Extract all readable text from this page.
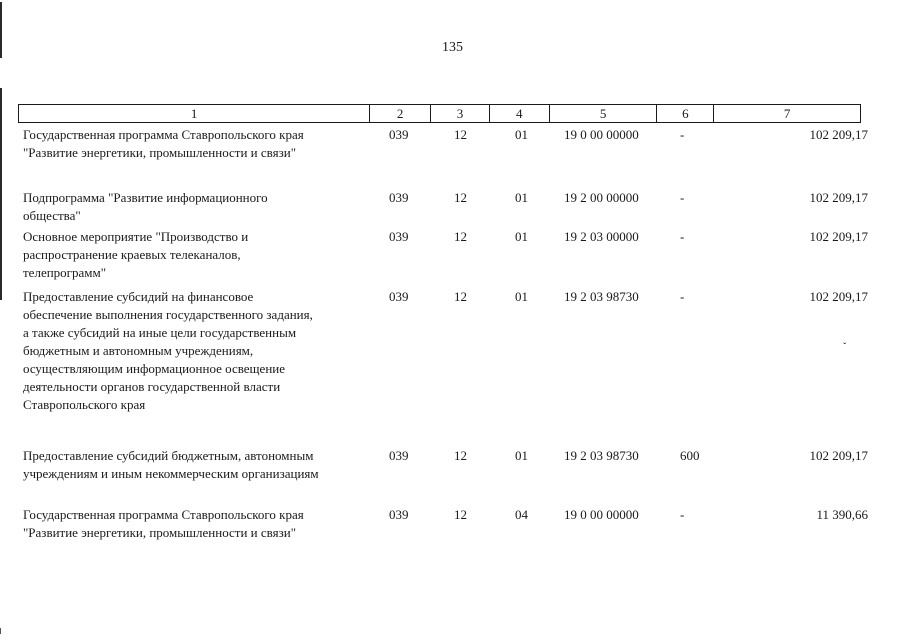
135
1	2	3	4	5	6	7
Государственная программа Ставропольского края
"Развитие энергетики, промышленности и связи"
039	12	01	19 0 00 00000	-	102 209,17
Подпрограмма "Развитие информационного
общества"
039	12	01	19 2 00 00000	-	102 209,17
Основное мероприятие "Производство и
распространение краевых телеканалов,
телепрограмм"
039	12	01	19 2 03 00000	-	102 209,17
Предоставление субсидий на финансовое
обеспечение выполнения государственного задания,
а также субсидий на иные цели государственным
бюджетным и автономным учреждениям,
осуществляющим информационное освещение
деятельности органов государственной власти
Ставропольского края
039	12	01	19 2 03 98730	-	102 209,17
Предоставление субсидий бюджетным, автономным
учреждениям и иным некоммерческим организациям
039	12	01	19 2 03 98730	600	102 209,17
Государственная программа Ставропольского края
"Развитие энергетики, промышленности и связи"
039	12	04	19 0 00 00000	-	11 390,66
ˇ
